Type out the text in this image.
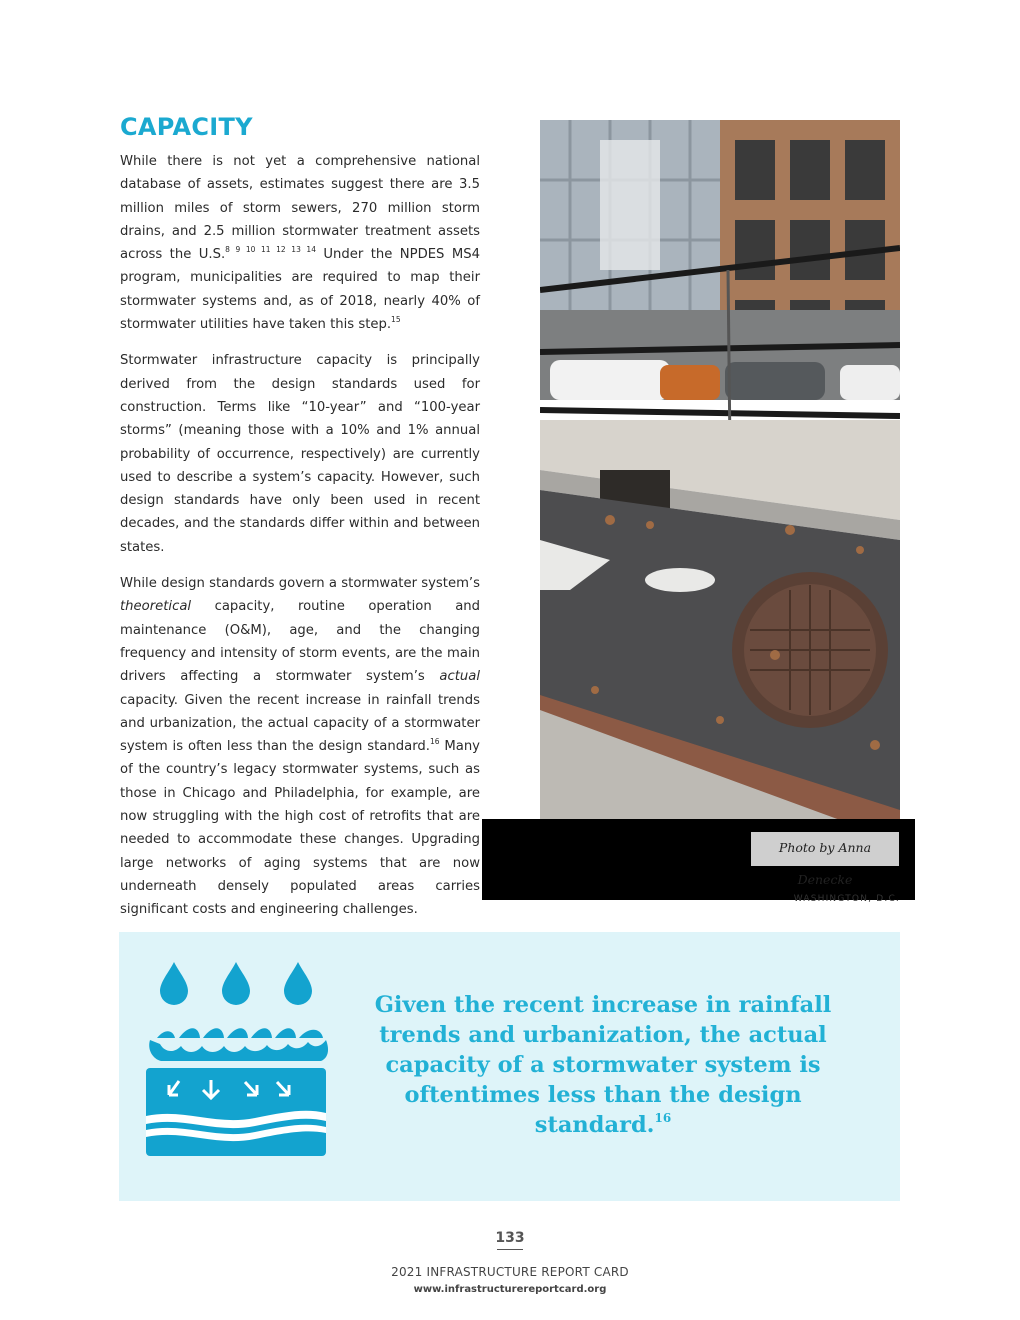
CAPACITY

While there is not yet a comprehensive national database of assets, estimates suggest there are 3.5 million miles of storm sewers, 270 million storm drains, and 2.5 million stormwater treatment assets across the U.S.$^{8 9 10 11 12 13 14}$ Under the NPDES MS4 program, municipalities are required to map their stormwater systems and, as of 2018, nearly 40% of stormwater utilities have taken this step.$^{15}$

Stormwater infrastructure capacity is principally derived from the design standards used for construction. Terms like “10-year” and “100-year storms” (meaning those with a 10% and 1% annual probability of occurrence, respectively) are currently used to describe a system’s capacity. However, such design standards have only been used in recent decades, and the standards differ within and between states.

While design standards govern a stormwater system’s theoretical capacity, routine operation and maintenance (O&M), age, and the changing frequency and intensity of storm events, are the main drivers affecting a stormwater system’s actual capacity. Given the recent increase in rainfall trends and urbanization, the actual capacity of a stormwater system is often less than the design standard.$^{16}$ Many of the country’s legacy stormwater systems, such as those in Chicago and Philadelphia, for example, are now struggling with the high cost of retrofits that are needed to accommodate these changes. Upgrading large networks of aging systems that are now underneath densely populated areas carries significant costs and engineering challenges.

Photo by Anna Denecke
WASHINGTON, D.C.
Given the recent increase in rainfall trends and urbanization, the actual capacity of a stormwater system is oftentimes less than the design standard.$^{16}$
133
2021 INFRASTRUCTURE REPORT CARD
www.infrastructurereportcard.org
